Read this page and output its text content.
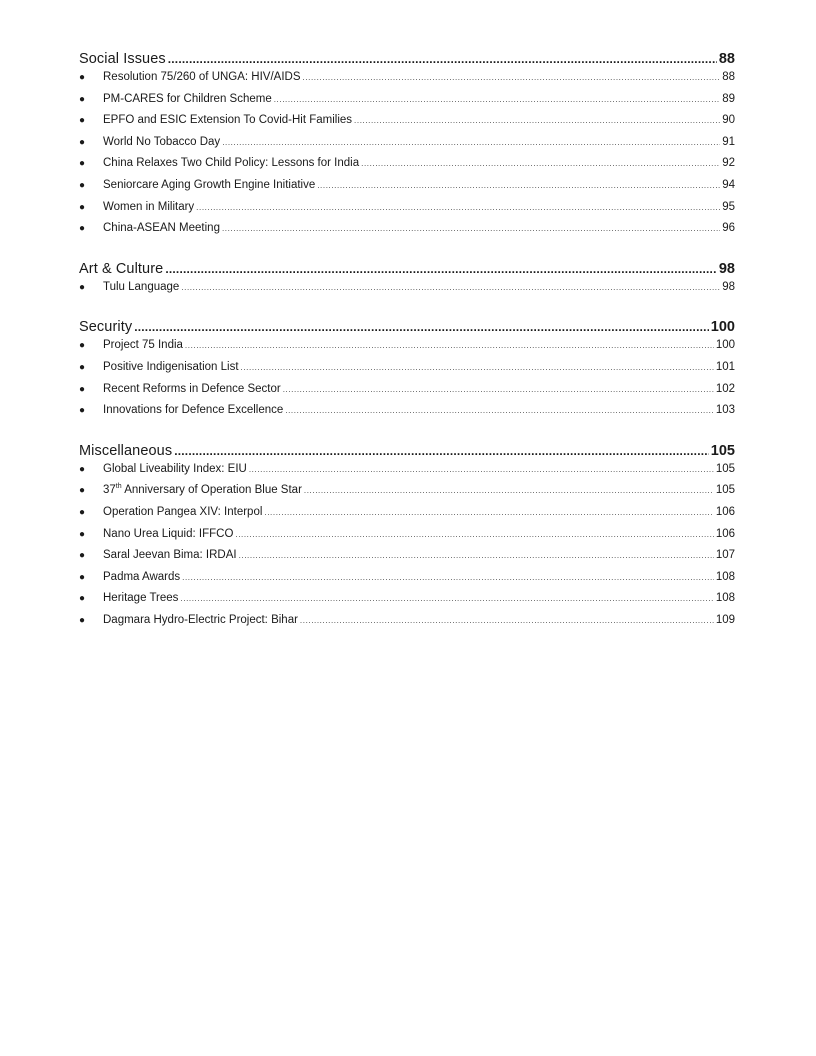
Social Issues .....	88
●	Resolution 75/260 of UNGA: HIV/AIDS .....	88
●	PM-CARES for Children Scheme .....	89
●	EPFO and ESIC Extension To Covid-Hit Families .....	90
●	World No Tobacco Day .....	91
●	China Relaxes Two Child Policy: Lessons for India .....	92
●	Seniorcare Aging Growth Engine Initiative .....	94
●	Women in Military .....	95
●	China-ASEAN Meeting .....	96
Art & Culture .....	98
●	Tulu Language .....	98
Security .....	100
●	Project 75 India .....	100
●	Positive Indigenisation List .....	101
●	Recent Reforms in Defence Sector .....	102
●	Innovations for Defence Excellence .....	103
Miscellaneous .....	105
●	Global Liveability Index: EIU .....	105
●	37th Anniversary of Operation Blue Star .....	105
●	Operation Pangea XIV: Interpol .....	106
●	Nano Urea Liquid: IFFCO .....	106
●	Saral Jeevan Bima: IRDAI .....	107
●	Padma Awards .....	108
●	Heritage Trees .....	108
●	Dagmara Hydro-Electric Project: Bihar .....	109
